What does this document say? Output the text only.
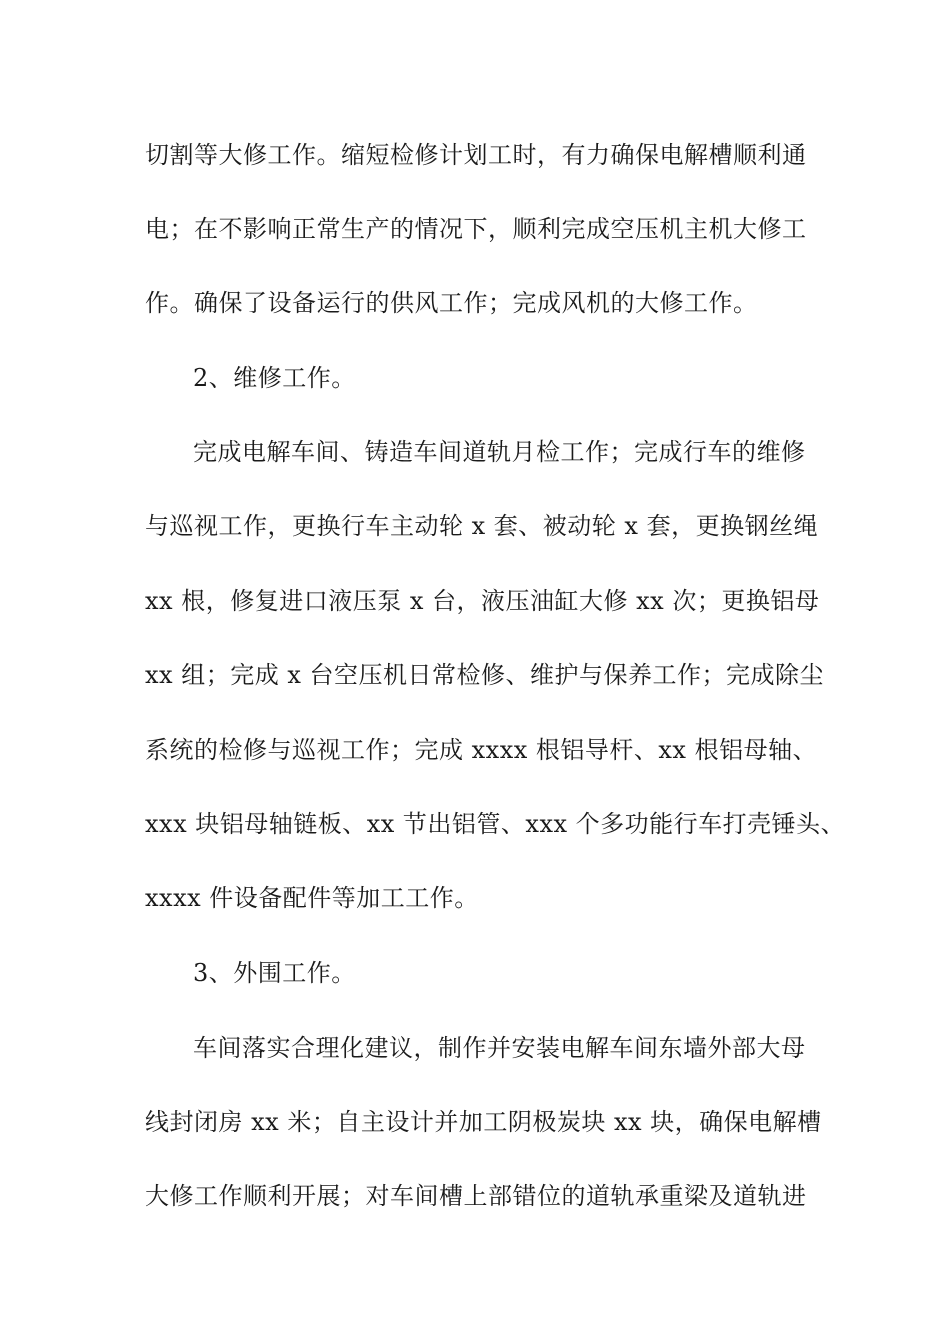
切割等大修工作。缩短检修计划工时，有力确保电解槽顺利通
电；在不影响正常生产的情况下，顺利完成空压机主机大修工
作。确保了设备运行的供风工作；完成风机的大修工作。
2、维修工作。
完成电解车间、铸造车间道轨月检工作；完成行车的维修
与巡视工作，更换行车主动轮 x 套、被动轮 x 套，更换钢丝绳
xx 根，修复进口液压泵 x 台，液压油缸大修 xx 次；更换铝母
xx 组；完成 x 台空压机日常检修、维护与保养工作；完成除尘
系统的检修与巡视工作；完成 xxxx 根铝导杆、xx 根铝母轴、
xxx 块铝母轴链板、xx 节出铝管、xxx 个多功能行车打壳锤头、
xxxx 件设备配件等加工工作。
3、外围工作。
车间落实合理化建议，制作并安装电解车间东墙外部大母
线封闭房 xx 米；自主设计并加工阴极炭块 xx 块，确保电解槽
大修工作顺利开展；对车间槽上部错位的道轨承重梁及道轨进
